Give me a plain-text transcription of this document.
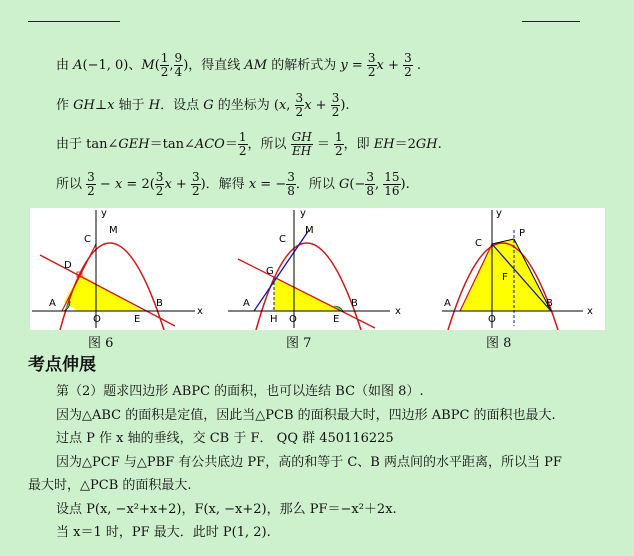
由 A(−1, 0)、$M( \frac{1}{2}$ , $\frac{9}{4}$ )，得直线 AM 的解析式为 $y = \frac{3}{2}$ $x + \frac{3}{2}$ .
作 GH⊥x 轴于 H．设点 G 的坐标为 (x, $\frac{3}{2}$ $x + \frac{3}{2}$ ).
由于 tan∠GEH＝tan∠ACO＝ $\frac{1}{2}$ ，所以 $\frac{GH}{EH} = \frac{1}{2}$ ，即 EH＝2GH.
所以 $\frac{3}{2} - x = 2( \frac{3}{2}$ $x + \frac{3}{2}$ )．解得 x = − $\frac{3}{8}$ ．所以 $G(- \frac{3}{8}$ , $\frac{15}{16}$ ).
y
x
C
M
D
A
O	E
B
y
x
C
M
G
A
H O	E
B
y
x
C
P
F
A
O
B
图 6	图 7	图 8
考点伸展
第（2）题求四边形 ABPC 的面积，也可以连结 BC（如图 8）.
因为△ABC 的面积是定值，因此当△PCB 的面积最大时，四边形 ABPC 的面积也最大.
过点 P 作 x 轴的垂线，交 CB 于 F． QQ 群 450116225
因为△PCF 与△PBF 有公共底边 PF，高的和等于 C、B 两点间的水平距离，所以当 PF
最大时，△PCB 的面积最大.
设点 P(x, −x²+x+2)，F(x, −x+2)，那么 PF＝−x²＋2x.
当 x＝1 时，PF 最大．此时 P(1, 2).
